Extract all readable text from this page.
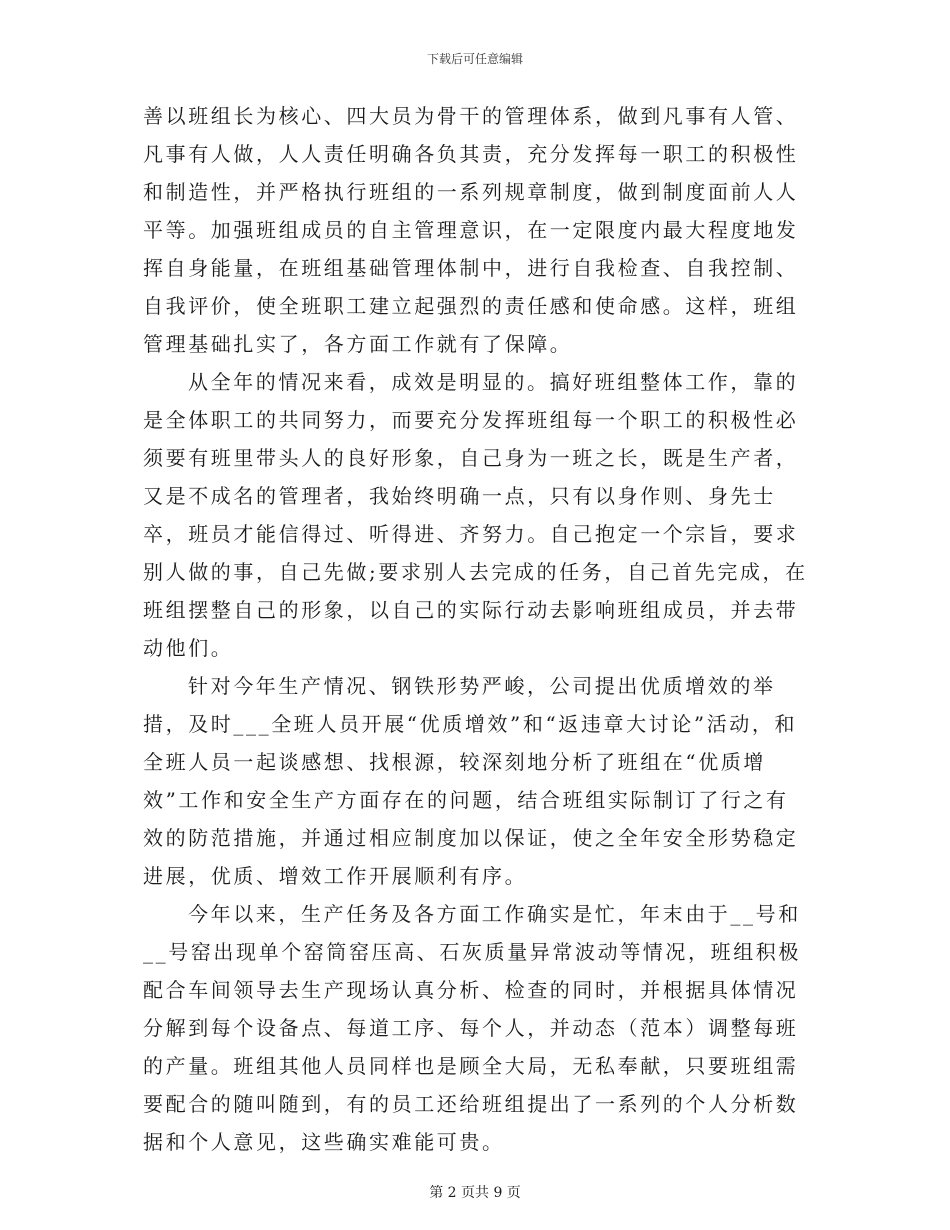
下载后可任意编辑

善以班组长为核心、四大员为骨干的管理体系，做到凡事有人管、凡事有人做，人人责任明确各负其责，充分发挥每一职工的积极性和制造性，并严格执行班组的一系列规章制度，做到制度面前人人平等。加强班组成员的自主管理意识，在一定限度内最大程度地发挥自身能量，在班组基础管理体制中，进行自我检查、自我控制、自我评价，使全班职工建立起强烈的责任感和使命感。这样，班组管理基础扎实了，各方面工作就有了保障。

从全年的情况来看，成效是明显的。搞好班组整体工作，靠的是全体职工的共同努力，而要充分发挥班组每一个职工的积极性必须要有班里带头人的良好形象，自己身为一班之长，既是生产者，又是不成名的管理者，我始终明确一点，只有以身作则、身先士卒，班员才能信得过、听得进、齐努力。自己抱定一个宗旨，要求别人做的事，自己先做;要求别人去完成的任务，自己首先完成，在班组摆整自己的形象，以自己的实际行动去影响班组成员，并去带动他们。

针对今年生产情况、钢铁形势严峻，公司提出优质增效的举措，及时___全班人员开展“优质增效”和“返违章大讨论”活动，和全班人员一起谈感想、找根源，较深刻地分析了班组在“优质增效”工作和安全生产方面存在的问题，结合班组实际制订了行之有效的防范措施，并通过相应制度加以保证，使之全年安全形势稳定进展，优质、增效工作开展顺利有序。

今年以来，生产任务及各方面工作确实是忙，年末由于__号和__号窑出现单个窑筒窑压高、石灰质量异常波动等情况，班组积极配合车间领导去生产现场认真分析、检查的同时，并根据具体情况分解到每个设备点、每道工序、每个人，并动态（范本）调整每班的产量。班组其他人员同样也是顾全大局，无私奉献，只要班组需要配合的随叫随到，有的员工还给班组提出了一系列的个人分析数据和个人意见，这些确实难能可贵。

第 2 页共 9 页
